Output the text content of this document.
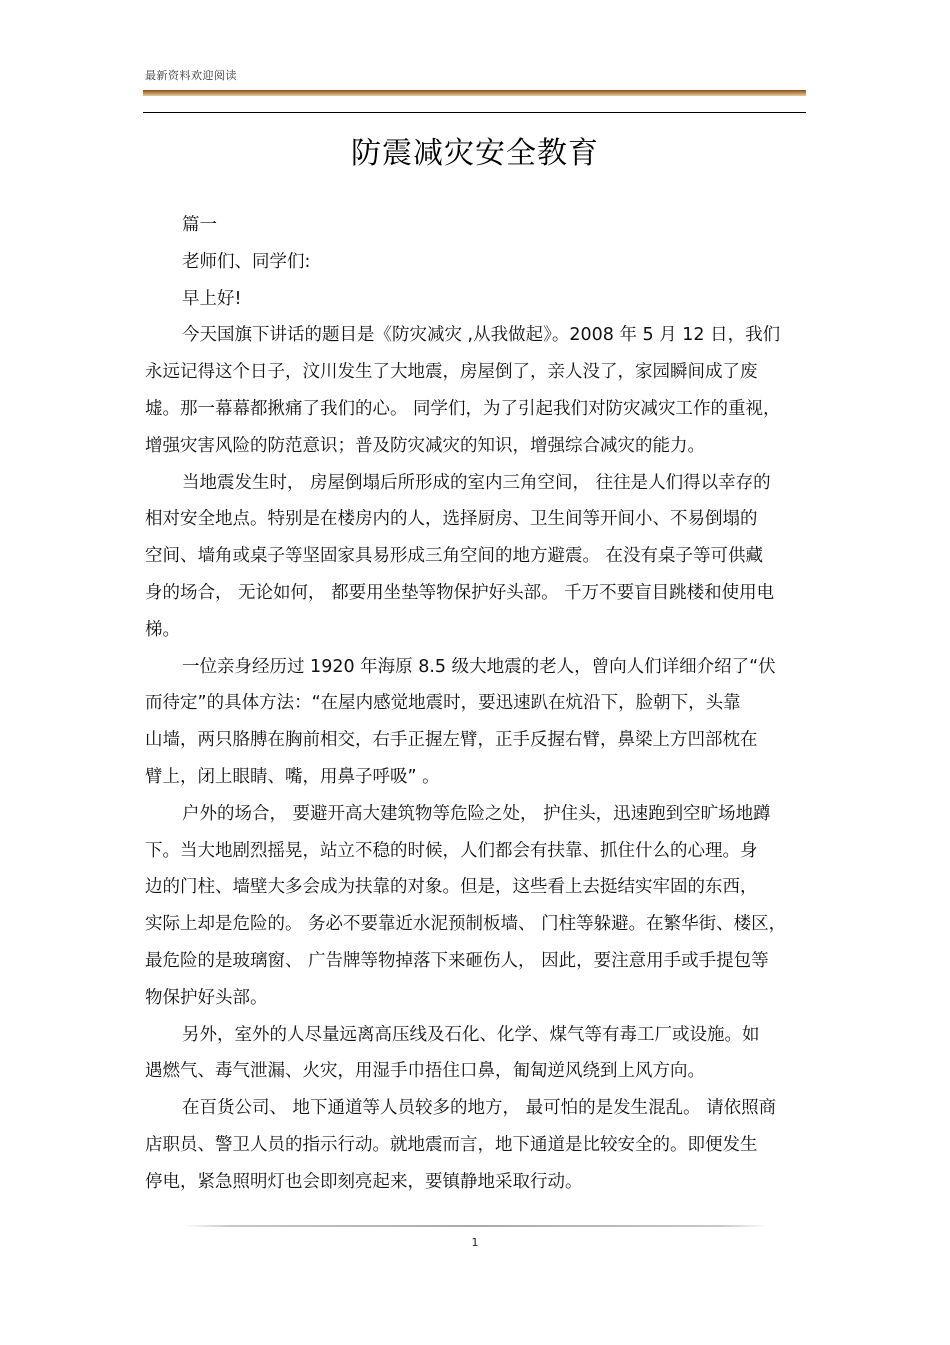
最新资料欢迎阅读
防震减灾安全教育
篇一
老师们、同学们:
早上好!
今天国旗下讲话的题目是《防灾减灾 ,从我做起》。2008 年 5 月 12 日，我们
永远记得这个日子，汶川发生了大地震，房屋倒了，亲人没了，家园瞬间成了废
墟。那一幕幕都揪痛了我们的心。 同学们，为了引起我们对防灾减灾工作的重视，
增强灾害风险的防范意识；普及防灾减灾的知识，增强综合减灾的能力。
当地震发生时， 房屋倒塌后所形成的室内三角空间， 往往是人们得以幸存的
相对安全地点。特别是在楼房内的人，选择厨房、卫生间等开间小、不易倒塌的
空间、墙角或桌子等坚固家具易形成三角空间的地方避震。 在没有桌子等可供藏
身的场合， 无论如何， 都要用坐垫等物保护好头部。 千万不要盲目跳楼和使用电
梯。
一位亲身经历过 1920 年海原 8.5 级大地震的老人，曾向人们详细介绍了“伏
而待定”的具体方法：“在屋内感觉地震时，要迅速趴在炕沿下，脸朝下，头靠
山墙，两只胳膊在胸前相交，右手正握左臂，正手反握右臂，鼻梁上方凹部枕在
臂上，闭上眼睛、嘴，用鼻子呼吸” 。
户外的场合， 要避开高大建筑物等危险之处， 护住头，迅速跑到空旷场地蹲
下。当大地剧烈摇晃，站立不稳的时候，人们都会有扶靠、抓住什么的心理。身
边的门柱、墙壁大多会成为扶靠的对象。但是，这些看上去挺结实牢固的东西，
实际上却是危险的。 务必不要靠近水泥预制板墙、 门柱等躲避。在繁华街、楼区，
最危险的是玻璃窗、 广告牌等物掉落下来砸伤人， 因此，要注意用手或手提包等
物保护好头部。
另外，室外的人尽量远离高压线及石化、化学、煤气等有毒工厂或设施。如
遇燃气、毒气泄漏、火灾，用湿手巾捂住口鼻，匍匐逆风绕到上风方向。
在百货公司、 地下通道等人员较多的地方， 最可怕的是发生混乱。 请依照商
店职员、警卫人员的指示行动。就地震而言，地下通道是比较安全的。即便发生
停电，紧急照明灯也会即刻亮起来，要镇静地采取行动。
1
